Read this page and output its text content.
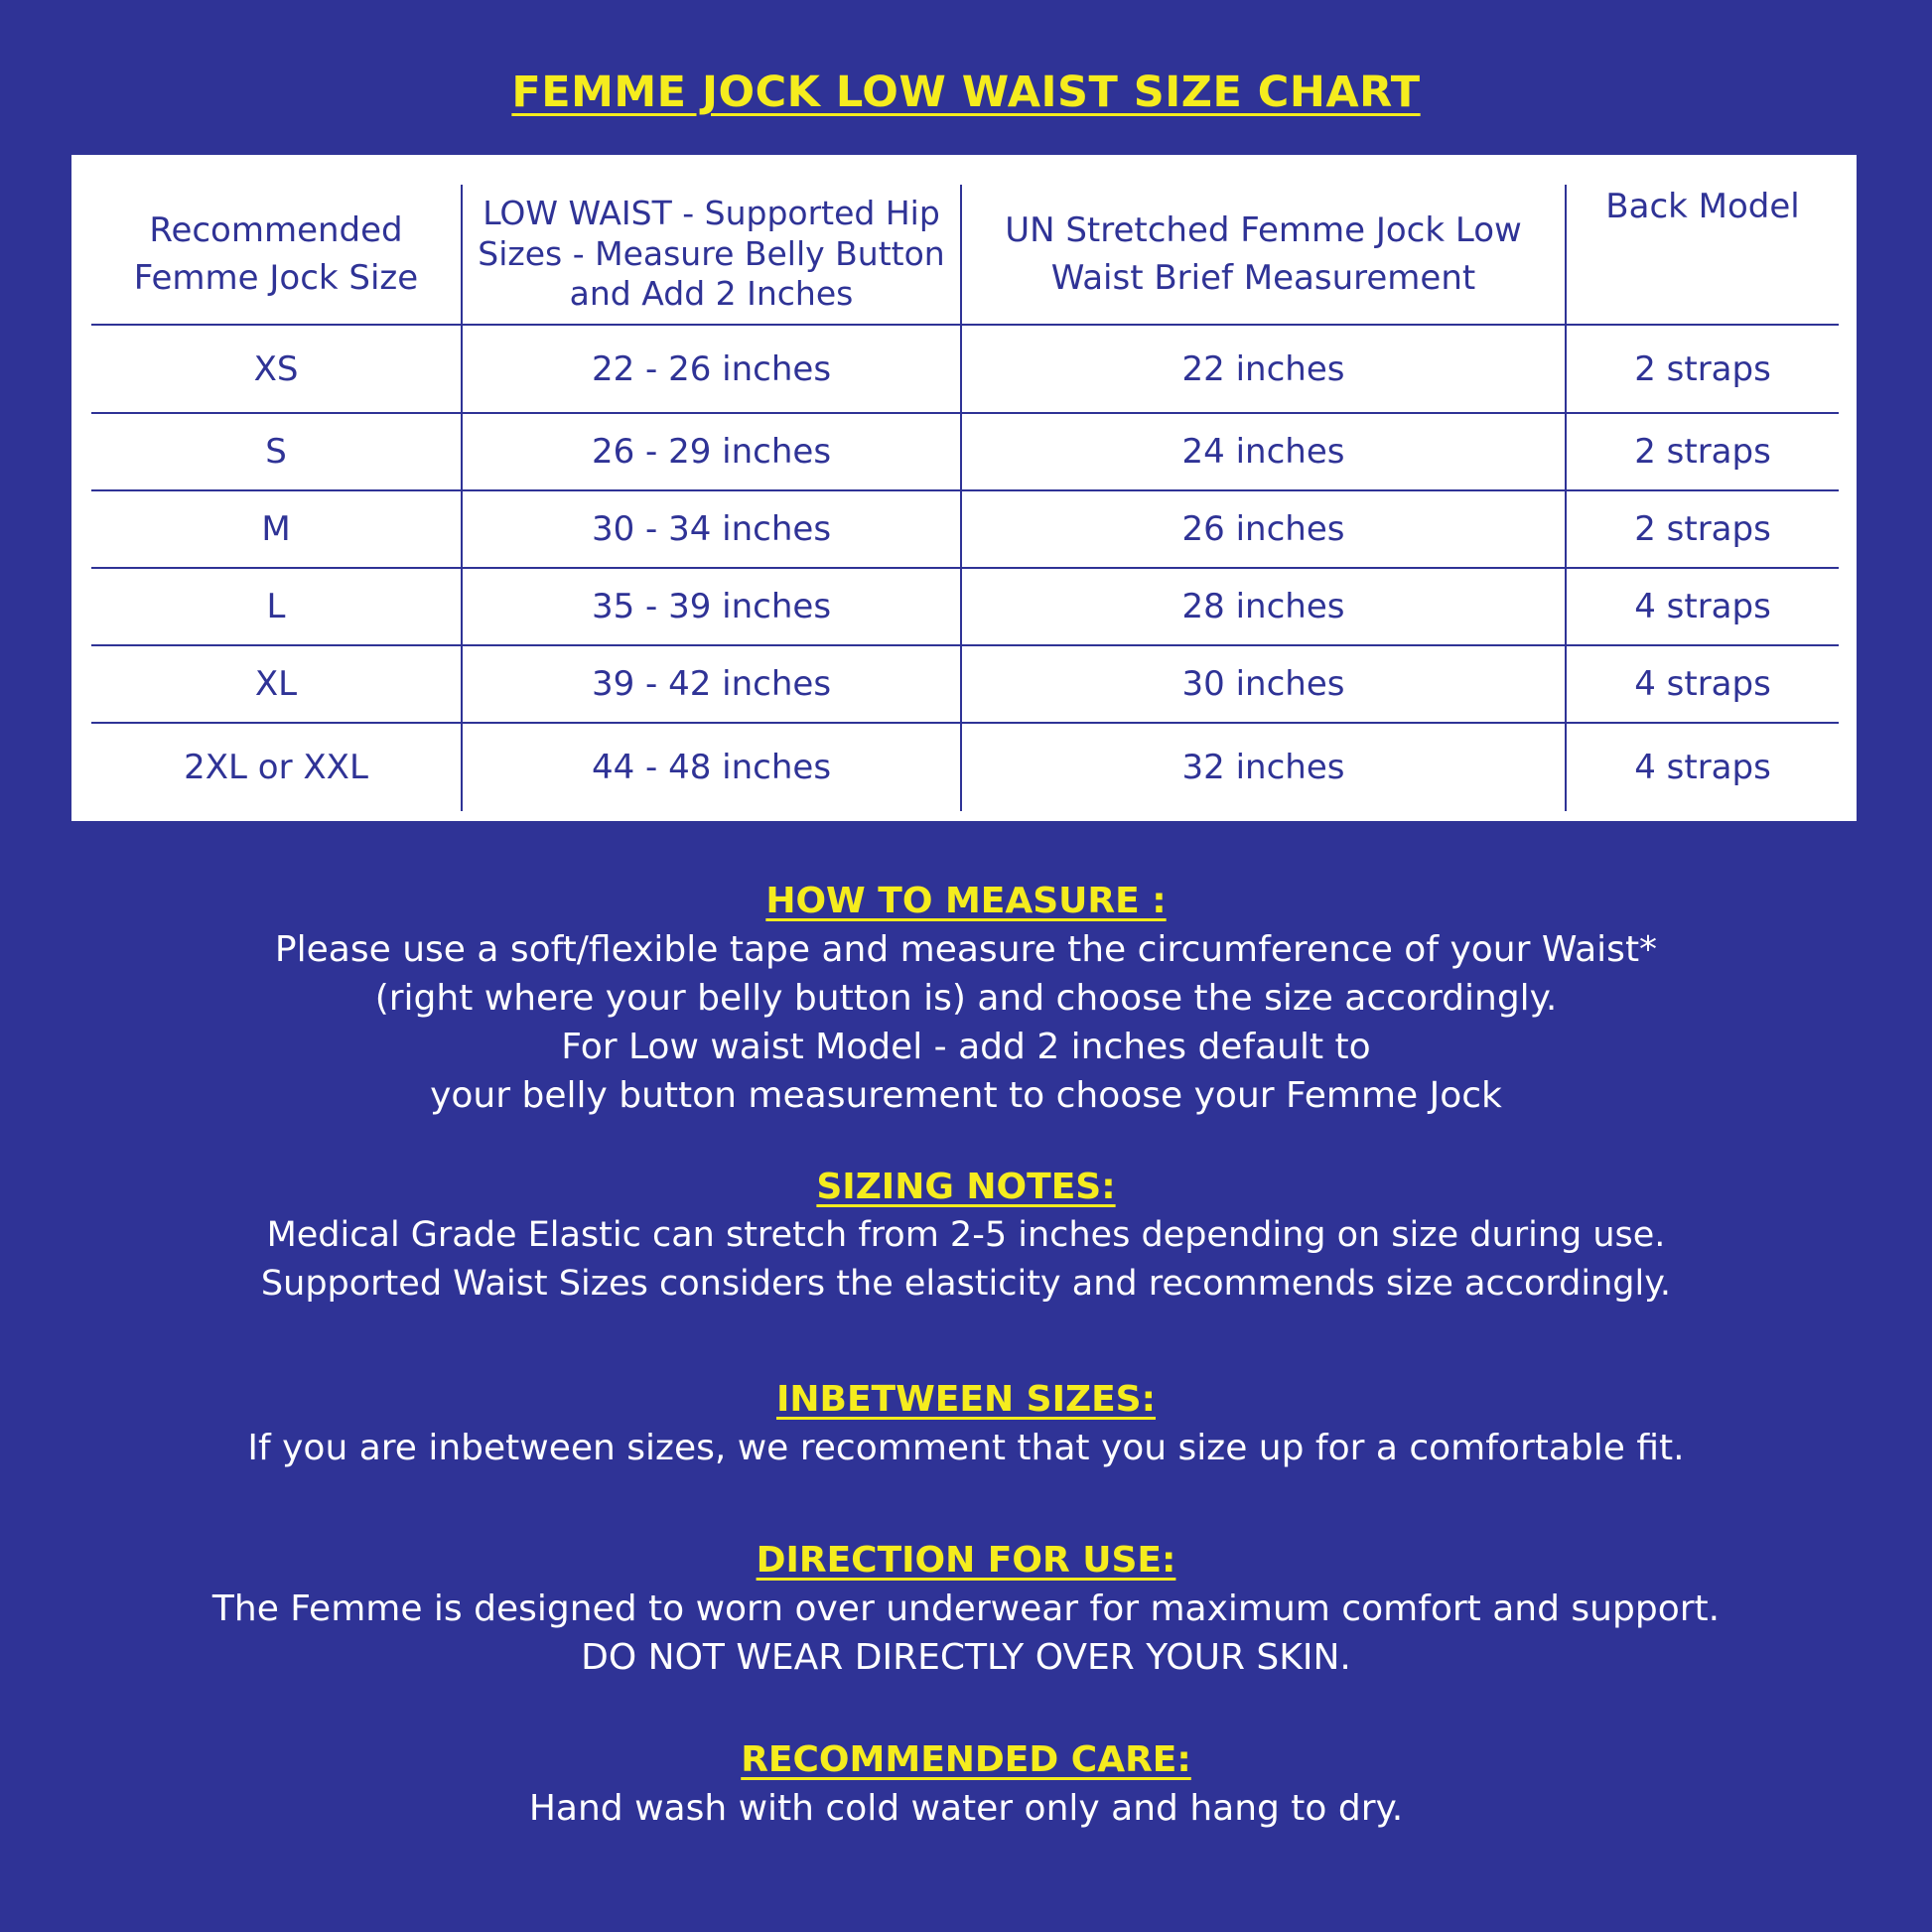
FEMME JOCK LOW WAIST SIZE CHART
Recommended Femme Jock Size	LOW WAIST - Supported Hip Sizes - Measure Belly Button and Add 2 Inches	UN Stretched Femme Jock Low Waist Brief Measurement	Back Model
XS	22 - 26 inches	22 inches	2 straps
S	26 - 29 inches	24 inches	2 straps
M	30 - 34 inches	26 inches	2 straps
L	35 - 39 inches	28 inches	4 straps
XL	39 - 42 inches	30 inches	4 straps
2XL or XXL	44 - 48 inches	32 inches	4 straps
HOW TO MEASURE :

Please use a soft/flexible tape and measure the circumference of your Waist*

(right where your belly button is) and choose the size accordingly.

For Low waist Model - add 2 inches default to

your belly button measurement to choose your Femme Jock

SIZING NOTES:

Medical Grade Elastic can stretch from 2-5 inches depending on size during use.

Supported Waist Sizes considers the elasticity and recommends size accordingly.

INBETWEEN SIZES:

If you are inbetween sizes, we recomment that you size up for a comfortable fit.

DIRECTION FOR USE:

The Femme is designed to worn over underwear for maximum comfort and support.

DO NOT WEAR DIRECTLY OVER YOUR SKIN.

RECOMMENDED CARE:

Hand wash with cold water only and hang to dry.
